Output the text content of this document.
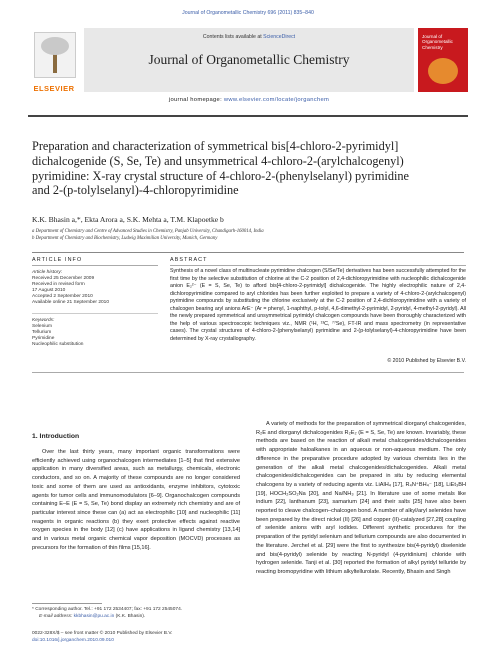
Journal of Organometallic Chemistry 696 (2011) 835–840
ELSEVIER
Contents lists available at ScienceDirect
Journal of Organometallic Chemistry
Journal of Organometallic Chemistry
journal homepage: www.elsevier.com/locate/jorganchem
Preparation and characterization of symmetrical bis[4-chloro-2-pyrimidyl]
dichalcogenide (S, Se, Te) and unsymmetrical 4-chloro-2-(arylchalcogenyl)
pyrimidine: X-ray crystal structure of 4-chloro-2-(phenylselanyl) pyrimidine
and 2-(p-tolylselanyl)-4-chloropyrimidine
K.K. Bhasin a,*, Ekta Arora a, S.K. Mehta a, T.M. Klapoetke b
a Department of Chemistry and Centre of Advanced Studies in Chemistry, Panjab University, Chandigarh-160014, India
b Department of Chemistry and Biochemistry, Ludwig Maximilian University, Munich, Germany
ARTICLE INFO	ABSTRACT
Article history:
Received 25 December 2009
Received in revised form
17 August 2010
Accepted 2 September 2010
Available online 21 September 2010
Keywords:
Selenium
Tellurium
Pyrimidine
Nucleophilic substitution
Synthesis of a novel class of multinucleate pyrimidine chalcogen (S/Se/Te) derivatives has been successfully attempted for the first time by the selective substitution of chlorine at the C-2 position of 2,4-dichloropyrimidine with nucleophilic dichalcogenide anion E₂²⁻ (E = S, Se, Te) to afford bis[4-chloro-2-pyrimidyl] dichalcogenide. The highly electrophilic nature of 2,4-dichloropyrimidine compared to aryl chlorides has been further exploited to prepare a variety of 4-chloro-2-(arylchalcogenyl) pyrimidine compounds by substituting the chlorine exclusively at the C-2 position of 2,4-dichloropyrimidine with a variety of chalcogen bearing aryl anions ArE⁻ (Ar = phenyl, 1-naphthyl, p-tolyl, 4,6-dimethyl-2-pyrimidyl, 2-pyridyl, 4-methyl-2-pyridyl). All the newly prepared symmetrical and unsymmetrical pyrimidyl chalcogen compounds have been thoroughly characterized with the help of various spectroscopic techniques viz., NMR (¹H, ¹³C, ⁷⁷Se), FT-IR and mass spectrometry (in representative cases). The crystal structures of 4-chloro-2-(phenylselanyl) pyrimidine and 2-(p-tolylselanyl)-4-chloropyrimidine have been determined by X-ray crystallography.
© 2010 Published by Elsevier B.V.
1. Introduction
Over the last thirty years, many important organic transformations were efficiently achieved using organochalcogen intermediates [1–5] that find extensive application in many diversified areas, such as metallurgy, chemicals, electronic conductors, and so on. A majority of these compounds are no longer considered toxic and some of them are used as antioxidants, enzyme inhibitors, cytotoxic agents for tumor cells and immunomodulators [6–9]. Organochalcogen compounds containing E–E (E = S, Se, Te) bond display an extremely rich chemistry and are of particular interest since these can (a) act as electrophilic [10] and nucleophilic [11] reagents in organic reactions (b) they exert protective effects against reactive oxygen species in the body [12] (c) have applications in ligand chemistry [13,14] and in various metal organic chemical vapor deposition (MOCVD) processes as precursors for the formation of thin films [15,16].
A variety of methods for the preparation of symmetrical diorganyl chalcogenides, R₂E and diorganyl dichalcogenides R₂E₂ (E = S, Se, Te) are known. Invariably, these methods are based on the reaction of alkali metal chalcogenides/dichalcogenides with appropriate haloalkanes in an aqueous or non-aqueous medium. The only difference in the preparative procedure adopted by various chemists lies in the generation of the alkali metal chalcogenides/dichalcogenides. Alkali metal chalcogenides/dichalcogenides can be prepared in situ by reducing elemental chalcogens by a variety of reducing agents viz. LiAlH₄ [17], R₄N⁺BH₄⁻ [18], LiEt₃BH [19], HOCH₂SO₂Na [20], and Na/NH₃ [21]. In literature use of some metals like indium [22], lanthanum [23], samarium [24] and their salts [25] have also been reported to cleave chalcogen–chalcogen bond. A number of alkyl/aryl selenides have been prepared by the direct nickel (II) [26] and copper (II)-catalyzed [27,28] coupling of selenide anions with aryl iodides. Different synthetic procedures for the preparation of the pyridyl selenium and tellurium compounds are also documented in the literature. Jerchel et al. [29] were the first to synthesize bis(4-pyridyl) diselenide and bis(4-pyridyl) selenide by reacting N-pyridyl (4-pyridinium) chloride with hydrogen selenide. Tanji et al. [30] reported the formation of alkyl pyridyl telluride by reacting bromopyridine with lithium alkyltellurolate. Recently, Bhasin and Singh
* Corresponding author. Tel.: +91 172 2534407; fax: +91 172 2545074.
E-mail address: kkbhasin@pu.ac.in (K.K. Bhasin).
0022-328X/$ – see front matter © 2010 Published by Elsevier B.V.
doi:10.1016/j.jorganchem.2010.09.010
